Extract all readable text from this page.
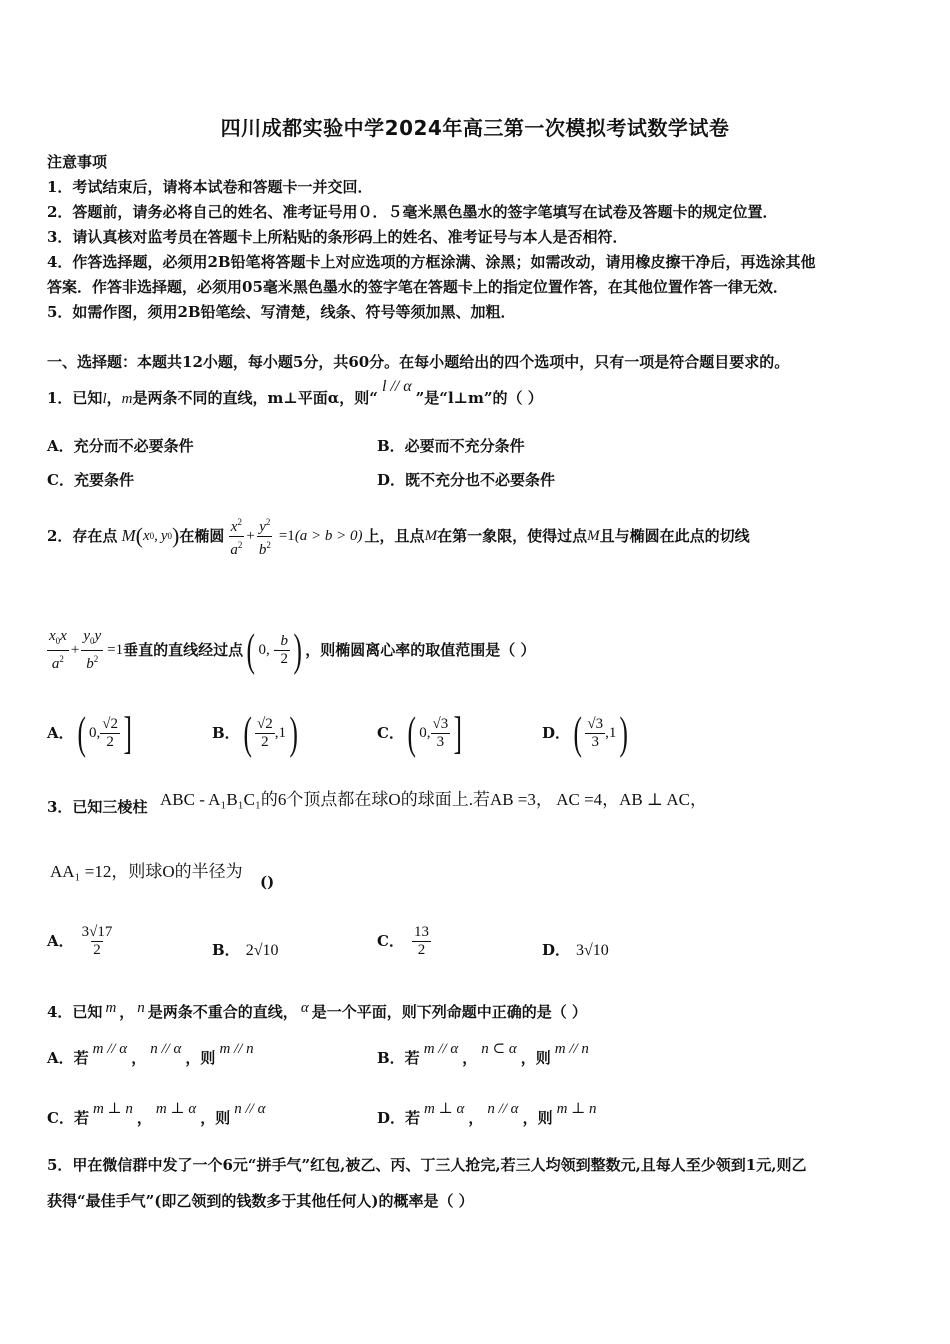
四川成都实验中学2024年高三第一次模拟考试数学试卷
注意事项
1．考试结束后，请将本试卷和答题卡一并交回．
2．答题前，请务必将自己的姓名、准考证号用０．５毫米黑色墨水的签字笔填写在试卷及答题卡的规定位置．
3．请认真核对监考员在答题卡上所粘贴的条形码上的姓名、准考证号与本人是否相符．
4．作答选择题，必须用2B铅笔将答题卡上对应选项的方框涂满、涂黑；如需改动，请用橡皮擦干净后，再选涂其他
答案．作答非选择题，必须用05毫米黑色墨水的签字笔在答题卡上的指定位置作答，在其他位置作答一律无效．
5．如需作图，须用2B铅笔绘、写清楚，线条、符号等须加黑、加粗．
一、选择题：本题共12小题，每小题5分，共60分。在每小题给出的四个选项中，只有一项是符合题目要求的。
1．已知l，m是两条不同的直线，m⊥平面α，则“l // α”是“l⊥m”的（ ）
A．充分而不必要条件	B．必要而不充分条件
C．充要条件	D．既不充分也不必要条件
2．存在点 M ( x 0 , y 0 ) 在椭圆 $\frac{x^2}{a^2} + \frac{y^2}{b^2} =1$ (a > b > 0) 上，且点 M 在第一象限，使得过点 M 且与椭圆在此点的切线
$\frac{x_0x}{a^2} + \frac{y_0y}{b^2} =1$ 垂直的直线经过点 ( 0, - $\frac{b}{2}$ ) ，则椭圆离心率的取值范围是（ ）
A． ( 0, $\frac{√2}{2}$ ]	B． ( $\frac{√2}{2} ,1$ )	C． ( 0, $\frac{√3}{3}$ ]	D． ( $\frac{√3}{3} ,1$ )
3．已知三棱柱 ABC - A₁B₁C₁的6个顶点都在球O的球面上.若AB =3， AC =4，AB ⊥ AC，
AA₁ =12，则球O的半径为
()
A． $\frac{3√17}{2}$	B． 2√10
C． $\frac{13}{2}$	D． 3√10
4．已知 m ， n 是两条不重合的直线， α 是一个平面，则下列命题中正确的是（ ）
A．若 m // α ， n // α ，则 m // n	B．若 m // α ， n ⊂ α ，则 m // n
C．若 m ⊥ n ， m ⊥ α ，则 n // α	D．若 m ⊥ α ， n // α ，则 m ⊥ n
5．甲在微信群中发了一个6元“拼手气”红包,被乙、丙、丁三人抢完,若三人均领到整数元,且每人至少领到1元,则乙
获得“最佳手气”(即乙领到的钱数多于其他任何人)的概率是（ ）
